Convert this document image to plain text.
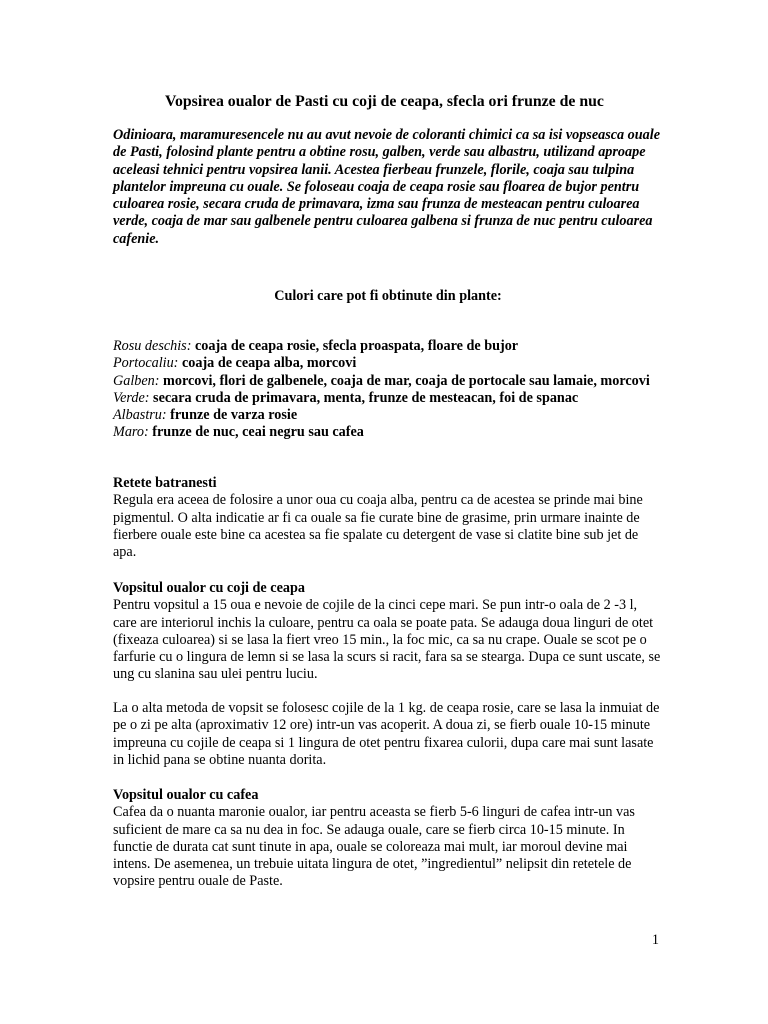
Vopsirea oualor de Pasti cu coji de ceapa, sfecla ori frunze de nuc

Odinioara, maramuresencele nu au avut nevoie de coloranti chimici ca sa isi vopseasca ouale de Pasti, folosind plante pentru a obtine rosu, galben, verde sau albastru, utilizand aproape aceleasi tehnici pentru vopsirea lanii. Acestea fierbeau frunzele, florile, coaja sau tulpina plantelor impreuna cu ouale. Se foloseau coaja de ceapa rosie sau floarea de bujor pentru culoarea rosie, secara cruda de primavara, izma sau frunza de mesteacan pentru culoarea verde, coaja de mar sau galbenele pentru culoarea galbena si frunza de nuc pentru culoarea cafenie.

Culori care pot fi obtinute din plante:

Rosu deschis: coaja de ceapa rosie, sfecla proaspata, floare de bujor
Portocaliu: coaja de ceapa alba, morcovi
Galben: morcovi, flori de galbenele, coaja de mar, coaja de portocale sau lamaie, morcovi
Verde: secara cruda de primavara, menta, frunze de mesteacan, foi de spanac
Albastru: frunze de varza rosie
Maro: frunze de nuc, ceai negru sau cafea
Retete batranesti
Regula era aceea de folosire a unor oua cu coaja alba, pentru ca de acestea se prinde mai bine pigmentul. O alta indicatie ar fi ca ouale sa fie curate bine de grasime, prin urmare inainte de fierbere ouale este bine ca acestea sa fie spalate cu detergent de vase si clatite bine sub jet de apa.
Vopsitul oualor cu coji de ceapa
Pentru vopsitul a 15 oua e nevoie de cojile de la cinci cepe mari. Se pun intr-o oala de 2 -3 l, care are interiorul inchis la culoare, pentru ca oala se poate pata. Se adauga doua linguri de otet (fixeaza culoarea) si se lasa la fiert vreo 15 min., la foc mic, ca sa nu crape. Ouale se scot pe o farfurie cu o lingura de lemn si se lasa la scurs si racit, fara sa se stearga. Dupa ce sunt uscate, se ung cu slanina sau ulei pentru luciu.
La o alta metoda de vopsit se folosesc cojile de la 1 kg. de ceapa rosie, care se lasa la inmuiat de pe o zi pe alta (aproximativ 12 ore) intr-un vas acoperit. A doua zi, se fierb ouale 10-15 minute impreuna cu cojile de ceapa si 1 lingura de otet pentru fixarea culorii, dupa care mai sunt lasate in lichid pana se obtine nuanta dorita.
Vopsitul oualor cu cafea
Cafea da o nuanta maronie oualor, iar pentru aceasta se fierb 5-6 linguri de cafea intr-un vas suficient de mare ca sa nu dea in foc. Se adauga ouale, care se fierb circa 10-15 minute. In functie de durata cat sunt tinute in apa, ouale se coloreaza mai mult, iar moroul devine mai intens. De asemenea, un trebuie uitata lingura de otet, ”ingredientul” nelipsit din retetele de vopsire pentru ouale de Paste.

1
